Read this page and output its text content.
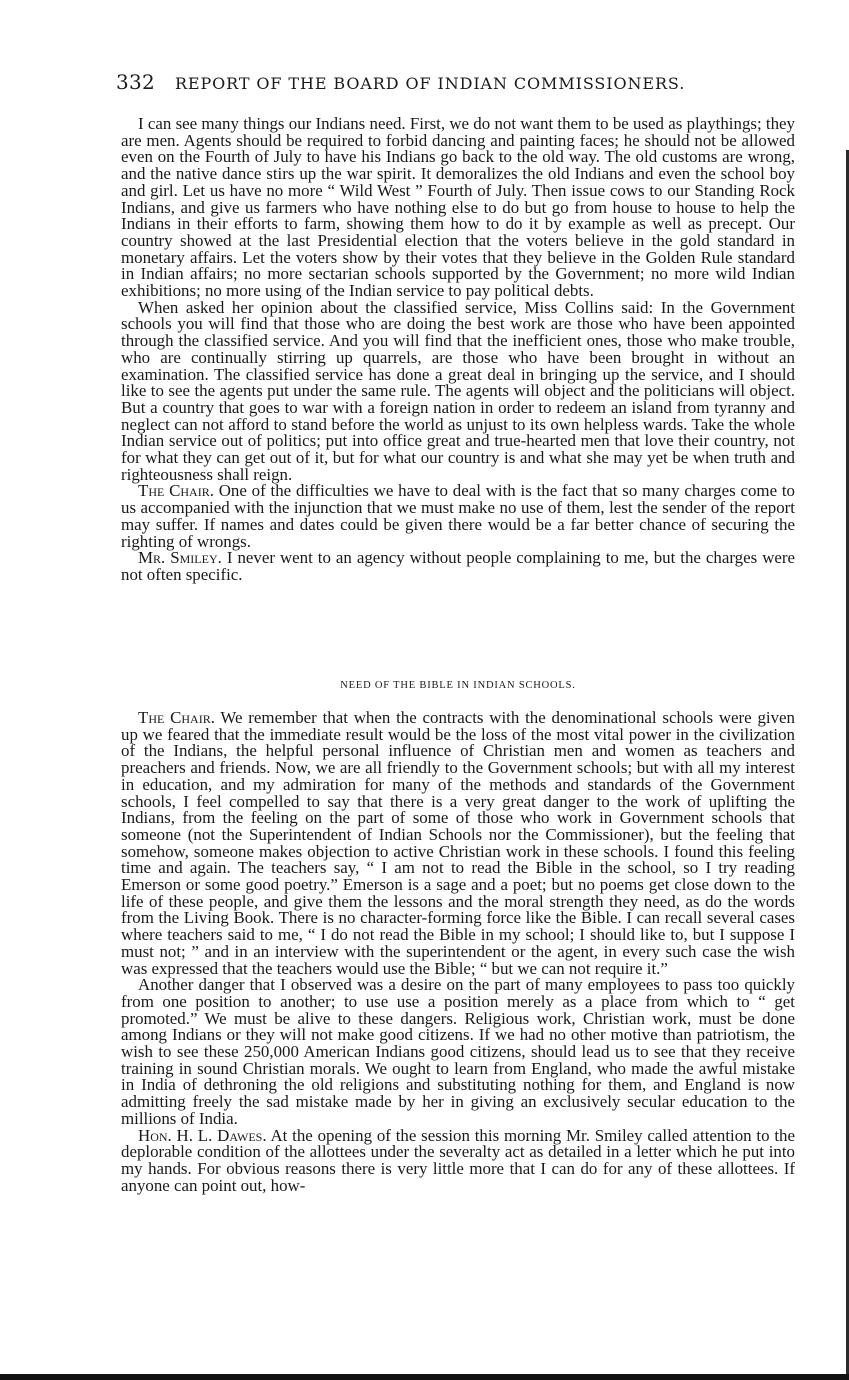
332 REPORT OF THE BOARD OF INDIAN COMMISSIONERS.

I can see many things our Indians need. First, we do not want them to be used as playthings; they are men. Agents should be required to forbid dancing and painting faces; he should not be allowed even on the Fourth of July to have his Indians go back to the old way. The old customs are wrong, and the native dance stirs up the war spirit. It demoralizes the old Indians and even the school boy and girl. Let us have no more “ Wild West ” Fourth of July. Then issue cows to our Standing Rock Indians, and give us farmers who have nothing else to do but go from house to house to help the Indians in their efforts to farm, showing them how to do it by example as well as precept. Our country showed at the last Presidential election that the voters believe in the gold standard in monetary affairs. Let the voters show by their votes that they believe in the Golden Rule standard in Indian affairs; no more sectarian schools supported by the Government; no more wild Indian exhibitions; no more using of the Indian service to pay political debts.

When asked her opinion about the classified service, Miss Collins said: In the Government schools you will find that those who are doing the best work are those who have been appointed through the classified service. And you will find that the inefficient ones, those who make trouble, who are continually stirring up quarrels, are those who have been brought in without an examination. The classified service has done a great deal in bringing up the service, and I should like to see the agents put under the same rule. The agents will object and the politicians will object. But a country that goes to war with a foreign nation in order to redeem an island from tyranny and neglect can not afford to stand before the world as unjust to its own helpless wards. Take the whole Indian service out of politics; put into office great and true-hearted men that love their country, not for what they can get out of it, but for what our country is and what she may yet be when truth and righteousness shall reign.

The Chair. One of the difficulties we have to deal with is the fact that so many charges come to us accompanied with the injunction that we must make no use of them, lest the sender of the report may suffer. If names and dates could be given there would be a far better chance of securing the righting of wrongs.

Mr. Smiley. I never went to an agency without people complaining to me, but the charges were not often specific.

NEED OF THE BIBLE IN INDIAN SCHOOLS.

The Chair. We remember that when the contracts with the denominational schools were given up we feared that the immediate result would be the loss of the most vital power in the civilization of the Indians, the helpful personal influence of Christian men and women as teachers and preachers and friends. Now, we are all friendly to the Government schools; but with all my interest in education, and my admiration for many of the methods and standards of the Government schools, I feel compelled to say that there is a very great danger to the work of uplifting the Indians, from the feeling on the part of some of those who work in Government schools that someone (not the Superintendent of Indian Schools nor the Commissioner), but the feeling that somehow, someone makes objection to active Christian work in these schools. I found this feeling time and again. The teachers say, “ I am not to read the Bible in the school, so I try reading Emerson or some good poetry.” Emerson is a sage and a poet; but no poems get close down to the life of these people, and give them the lessons and the moral strength they need, as do the words from the Living Book. There is no character-forming force like the Bible. I can recall several cases where teachers said to me, “ I do not read the Bible in my school; I should like to, but I suppose I must not; ” and in an interview with the superintendent or the agent, in every such case the wish was expressed that the teachers would use the Bible; “ but we can not require it.”

Another danger that I observed was a desire on the part of many employees to pass too quickly from one position to another; to use use a position merely as a place from which to “ get promoted.” We must be alive to these dangers. Religious work, Christian work, must be done among Indians or they will not make good citizens. If we had no other motive than patriotism, the wish to see these 250,000 American Indians good citizens, should lead us to see that they receive training in sound Christian morals. We ought to learn from England, who made the awful mistake in India of dethroning the old religions and substituting nothing for them, and England is now admitting freely the sad mistake made by her in giving an exclusively secular education to the millions of India.

Hon. H. L. Dawes. At the opening of the session this morning Mr. Smiley called attention to the deplorable condition of the allottees under the severalty act as detailed in a letter which he put into my hands. For obvious reasons there is very little more that I can do for any of these allottees. If anyone can point out, how-
